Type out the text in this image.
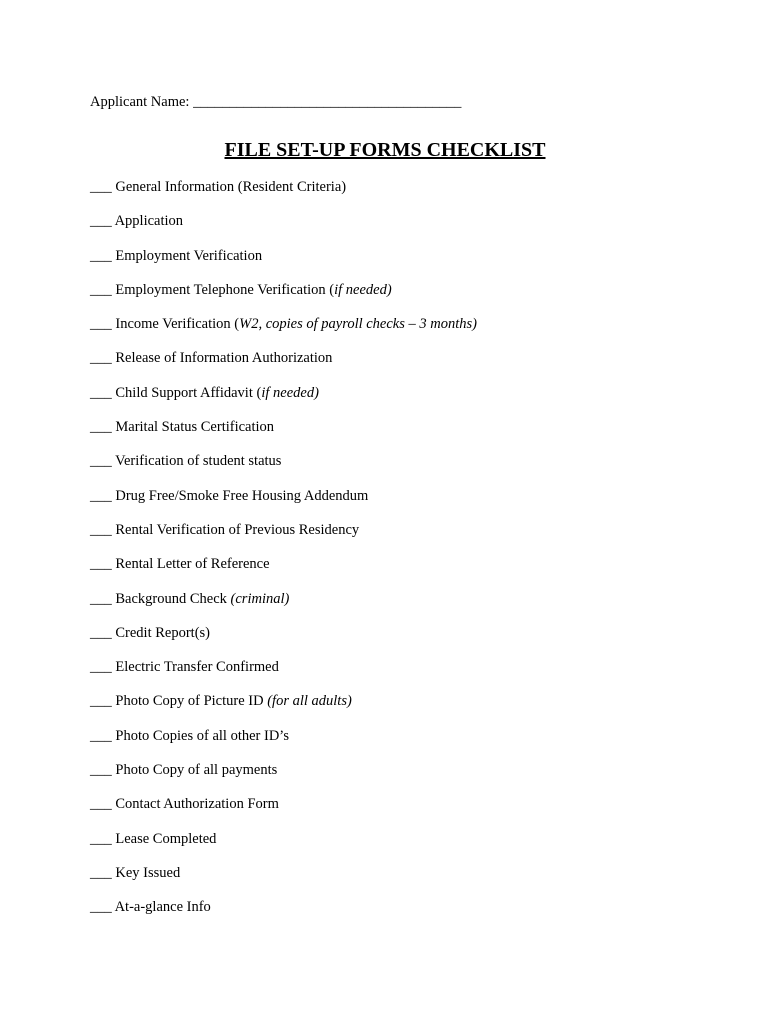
Applicant Name: _____________________________________
FILE SET-UP FORMS CHECKLIST
___ General Information (Resident Criteria)
___ Application
___ Employment Verification
___ Employment Telephone Verification (if needed)
___ Income Verification (W2, copies of payroll checks – 3 months)
___ Release of Information Authorization
___ Child Support Affidavit (if needed)
___ Marital Status Certification
___ Verification of student status
___ Drug Free/Smoke Free Housing Addendum
___ Rental Verification of Previous Residency
___ Rental Letter of Reference
___ Background Check (criminal)
___ Credit Report(s)
___ Electric Transfer Confirmed
___ Photo Copy of Picture ID (for all adults)
___ Photo Copies of all other ID’s
___ Photo Copy of all payments
___ Contact Authorization Form
___ Lease Completed
___ Key Issued
___ At-a-glance Info
